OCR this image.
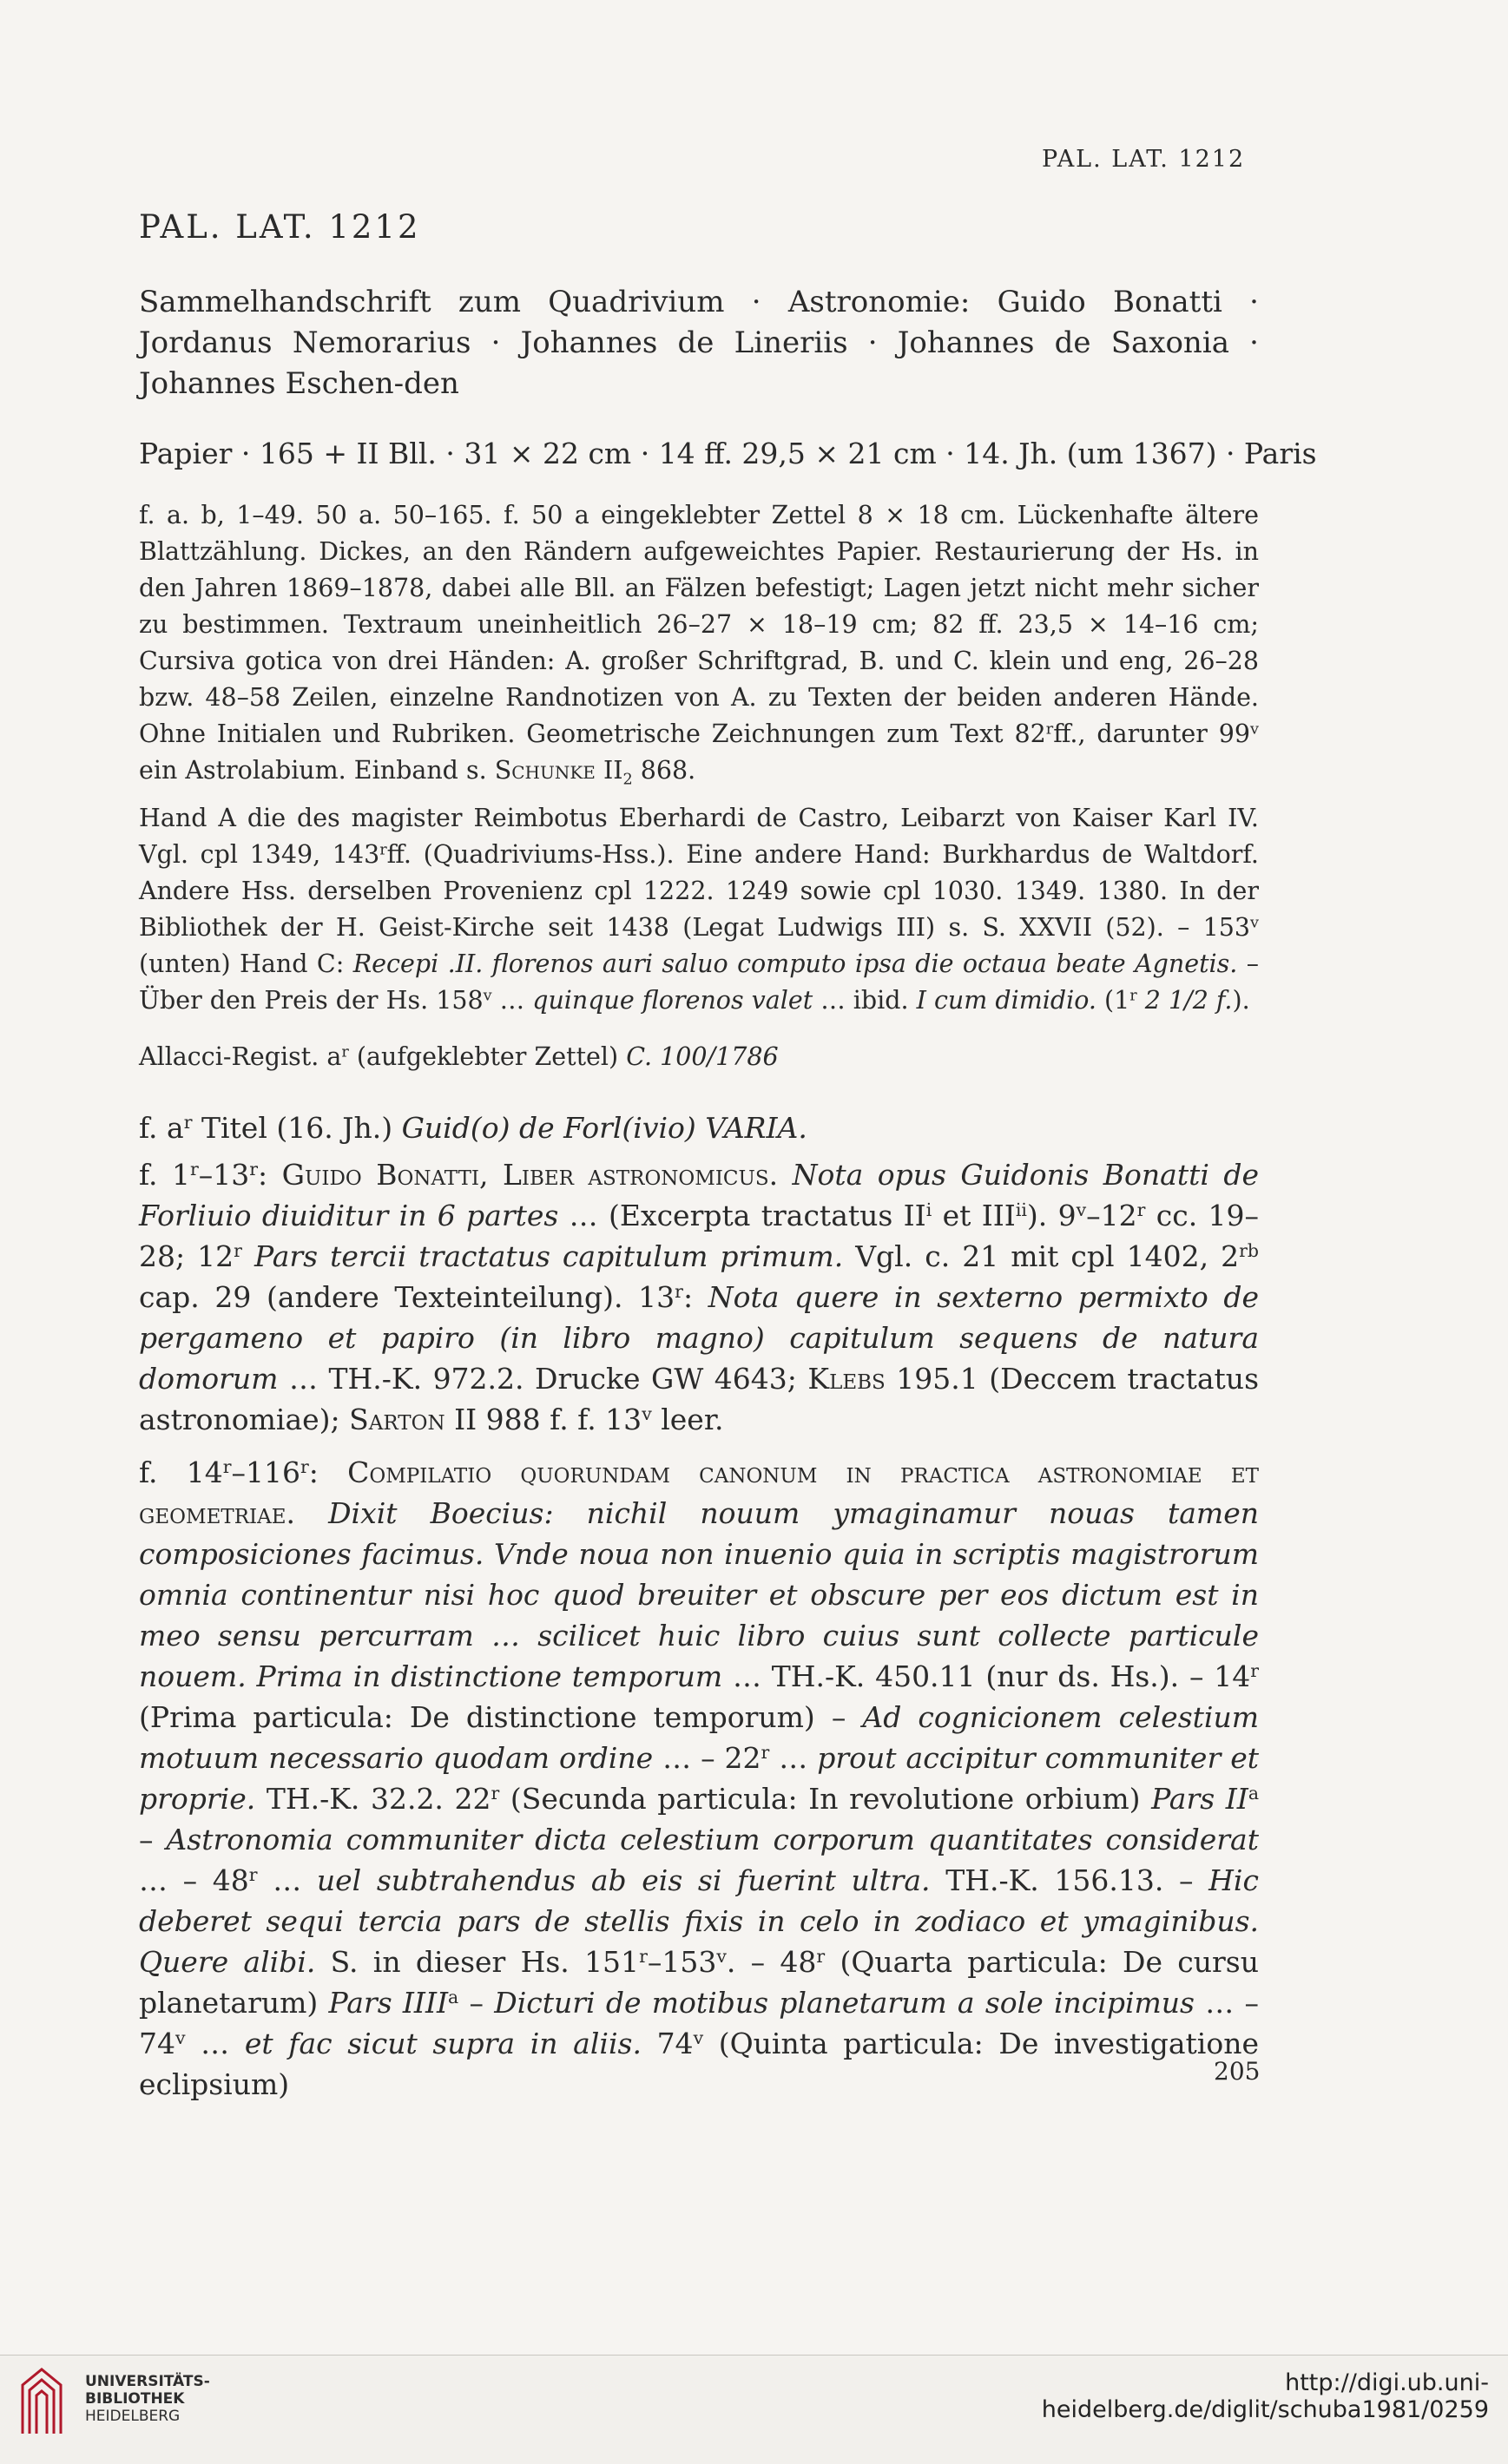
PAL. LAT. 1212
PAL. LAT. 1212
Sammelhandschrift zum Quadrivium · Astronomie: Guido Bonatti · Jordanus Nemorarius · Johannes de Lineriis · Johannes de Saxonia · Johannes Eschen-den
Papier · 165 + II Bll. · 31 × 22 cm · 14 ff. 29,5 × 21 cm · 14. Jh. (um 1367) · Paris
f. a. b, 1–49. 50 a. 50–165. f. 50 a eingeklebter Zettel 8 × 18 cm. Lückenhafte ältere Blattzählung. Dickes, an den Rändern aufgeweichtes Papier. Restaurierung der Hs. in den Jahren 1869–1878, dabei alle Bll. an Fälzen befestigt; Lagen jetzt nicht mehr sicher zu bestimmen. Textraum uneinheitlich 26–27 × 18–19 cm; 82 ff. 23,5 × 14–16 cm; Cursiva gotica von drei Händen: A. großer Schriftgrad, B. und C. klein und eng, 26–28 bzw. 48–58 Zeilen, einzelne Randnotizen von A. zu Texten der beiden anderen Hände. Ohne Initialen und Rubriken. Geometrische Zeichnungen zum Text 82$^r$ff., darunter 99$^v$ ein Astrolabium. Einband s. Schunke $II_2$ 868.
Hand A die des magister Reimbotus Eberhardi de Castro, Leibarzt von Kaiser Karl IV. Vgl. cpl 1349, 143$^r$ff. (Quadriviums-Hss.). Eine andere Hand: Burkhardus de Waltdorf. Andere Hss. derselben Provenienz cpl 1222. 1249 sowie cpl 1030. 1349. 1380. In der Bibliothek der H. Geist-Kirche seit 1438 (Legat Ludwigs III) s. S. XXVII (52). – 153$^v$ (unten) Hand C: Recepi .II. florenos auri saluo computo ipsa die octaua beate Agnetis. – Über den Preis der Hs. 158$^v$ … quinque florenos valet … ibid. I cum dimidio. (1$^r$ 2 1/2 f.).
Allacci-Regist. $a^r$ (aufgeklebter Zettel) C. 100/1786
f. $a^r$ Titel (16. Jh.) Guid(o) de Forl(ivio) VARIA.
f. 1$^r$–13$^r$: Guido Bonatti, Liber astronomicus. Nota opus Guidonis Bonatti de Forliuio diuiditur in 6 partes … (Excerpta tractatus $II^i$ et III$^{ii}$). 9$^v$–12$^r$ cc. 19–28; 12$^r$ Pars tercii tractatus capitulum primum. Vgl. c. 21 mit cpl 1402, $2^{rb}$ cap. 29 (andere Texteinteilung). 13$^r$: Nota quere in sexterno permixto de pergameno et papiro (in libro magno) capitulum sequens de natura domorum … TH.-K. 972.2. Drucke GW 4643; Klebs 195.1 (Deccem tractatus astronomiae); Sarton II 988 f. f. 13$^v$ leer.
f. 14$^r$–116$^r$: Compilatio quorundam canonum in practica astronomiae et geometriae. Dixit Boecius: nichil nouum ymaginamur nouas tamen composiciones facimus. Vnde noua non inuenio quia in scriptis magistrorum omnia continentur nisi hoc quod breuiter et obscure per eos dictum est in meo sensu percurram … scilicet huic libro cuius sunt collecte particule nouem. Prima in distinctione temporum … TH.-K. 450.11 (nur ds. Hs.). – 14$^r$ (Prima particula: De distinctione temporum) – Ad cognicionem celestium motuum necessario quodam ordine … – 22$^r$ … prout accipitur communiter et proprie. TH.-K. 32.2. 22$^r$ (Secunda particula: In revolutione orbium) Pars $II^a$ – Astronomia communiter dicta celestium corporum quantitates considerat … – 48$^r$ … uel subtrahendus ab eis si fuerint ultra. TH.-K. 156.13. – Hic deberet sequi tercia pars de stellis fixis in celo in zodiaco et ymaginibus. Quere alibi. S. in dieser Hs. 151$^r$–153$^v$. – 48$^r$ (Quarta particula: De cursu planetarum) Pars IIII$^a$ – Dicturi de motibus planetarum a sole incipimus … – 74$^v$ … et fac sicut supra in aliis. 74$^v$ (Quinta particula: De investigatione eclipsium)	205
UNIVERSITÄTS-
BIBLIOTHEK
HEIDELBERG
http://digi.ub.uni-heidelberg.de/diglit/schuba1981/0259
